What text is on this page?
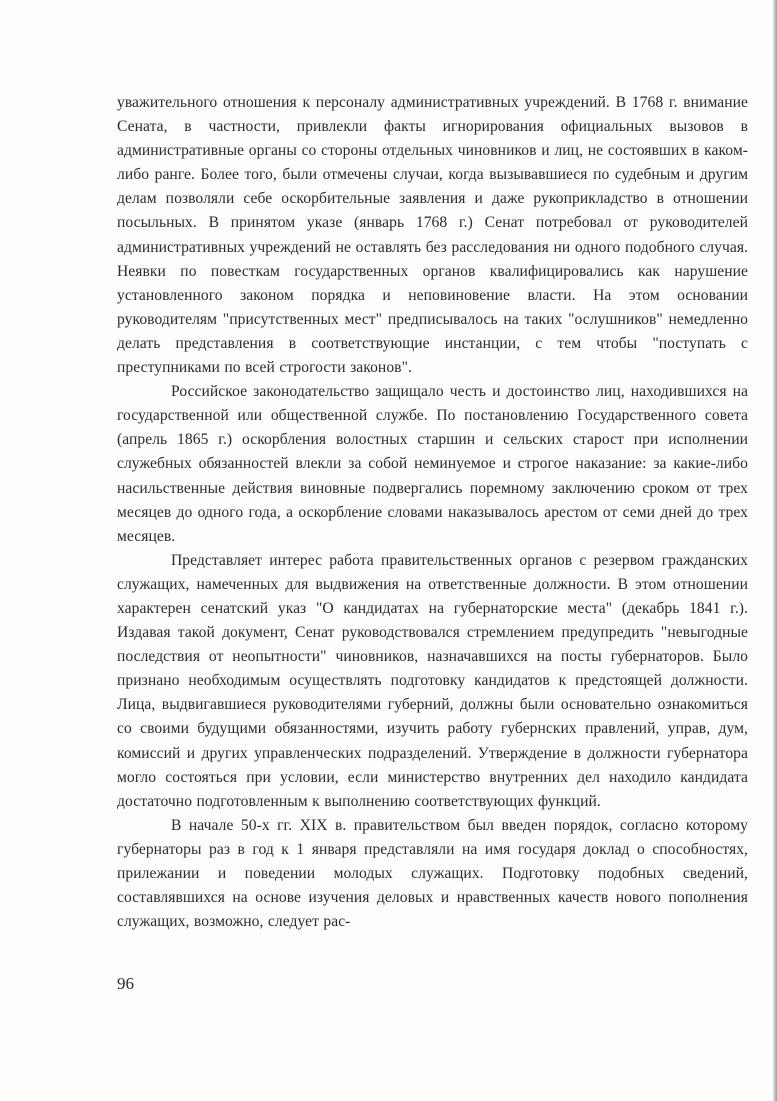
уважительного отношения к персоналу административных учреждений. В 1768 г. внимание Сената, в частности, привлекли факты игнорирования официальных вызовов в административные органы со стороны отдельных чиновников и лиц, не состоявших в каком-либо ранге. Более того, были отмечены случаи, когда вызывавшиеся по судебным и другим делам позволяли себе оскорбительные заявления и даже рукоприкладство в отношении посыльных. В принятом указе (январь 1768 г.) Сенат потребовал от руководителей административных учреждений не оставлять без расследования ни одного подобного случая. Неявки по повесткам государственных органов квалифицировались как нарушение установленного законом порядка и неповиновение власти. На этом основании руководителям "присутственных мест" предписывалось на таких "ослушников" немедленно делать представления в соответствующие инстанции, с тем чтобы "поступать с преступниками по всей строгости законов".

Российское законодательство защищало честь и достоинство лиц, находившихся на государственной или общественной службе. По постановлению Государственного совета (апрель 1865 г.) оскорбления волостных старшин и сельских старост при исполнении служебных обязанностей влекли за собой неминуемое и строгое наказание: за какие-либо насильственные действия виновные подвергались поремному заключению сроком от трех месяцев до одного года, а оскорбление словами наказывалось арестом от семи дней до трех месяцев.

Представляет интерес работа правительственных органов с резервом гражданских служащих, намеченных для выдвижения на ответственные должности. В этом отношении характерен сенатский указ "О кандидатах на губернаторские места" (декабрь 1841 г.). Издавая такой документ, Сенат руководствовался стремлением предупредить "невыгодные последствия от неопытности" чиновников, назначавшихся на посты губернаторов. Было признано необходимым осуществлять подготовку кандидатов к предстоящей должности. Лица, выдвигавшиеся руководителями губерний, должны были основательно ознакомиться со своими будущими обязанностями, изучить работу губернских правлений, управ, дум, комиссий и других управленческих подразделений. Утверждение в должности губернатора могло состояться при условии, если министерство внутренних дел находило кандидата достаточно подготовленным к выполнению соответствующих функций.

В начале 50-х гг. XIX в. правительством был введен порядок, согласно которому губернаторы раз в год к 1 января представляли на имя государя доклад о способностях, прилежании и поведении молодых служащих. Подготовку подобных сведений, составлявшихся на основе изучения деловых и нравственных качеств нового пополнения служащих, возможно, следует рас-

96
